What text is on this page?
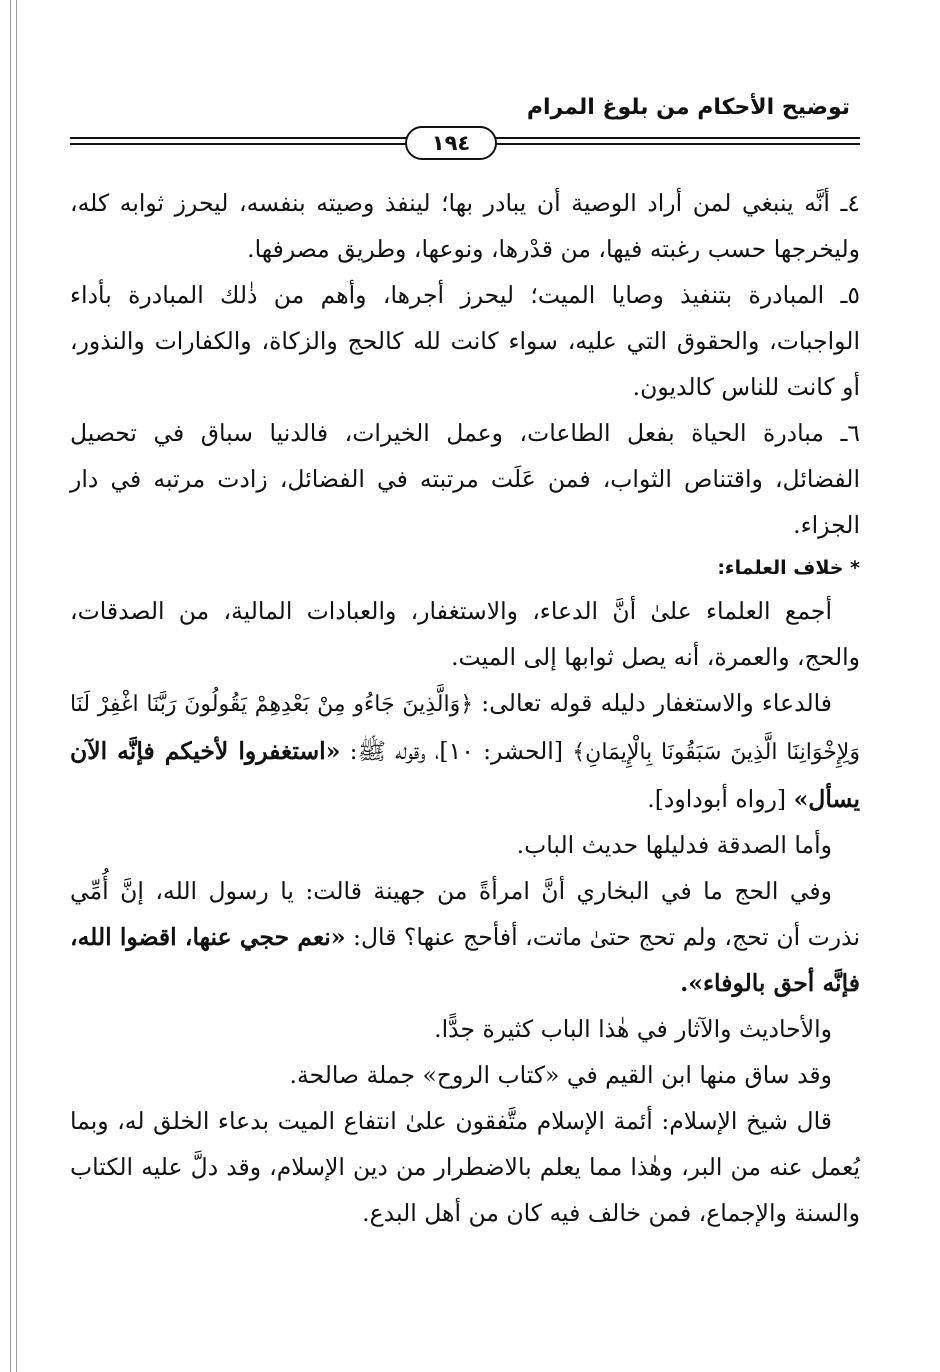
توضيح الأحكام من بلوغ المرام
١٩٤

٤ـ أنَّه ينبغي لمن أراد الوصية أن يبادر بها؛ لينفذ وصيته بنفسه، ليحرز ثوابه كله، وليخرجها حسب رغبته فيها، من قدْرها، ونوعها، وطريق مصرفها.

٥ـ المبادرة بتنفيذ وصايا الميت؛ ليحرز أجرها، وأهم من ذٰلك المبادرة بأداء الواجبات، والحقوق التي عليه، سواء كانت لله كالحج والزكاة، والكفارات والنذور، أو كانت للناس كالديون.

٦ـ مبادرة الحياة بفعل الطاعات، وعمل الخيرات، فالدنيا سباق في تحصيل الفضائل، واقتناص الثواب، فمن عَلَت مرتبته في الفضائل، زادت مرتبه في دار الجزاء.

* خلاف العلماء:

أجمع العلماء علىٰ أنَّ الدعاء، والاستغفار، والعبادات المالية، من الصدقات، والحج، والعمرة، أنه يصل ثوابها إلى الميت.

فالدعاء والاستغفار دليله قوله تعالى: ﴿وَالَّذِينَ جَاءُو مِنْ بَعْدِهِمْ يَقُولُونَ رَبَّنَا اغْفِرْ لَنَا وَلِإِخْوَانِنَا الَّذِينَ سَبَقُونَا بِالْإِيمَانِ﴾ [الحشر: ١٠]، وقوله ﷺ: «استغفروا لأخيكم فإنَّه الآن يسأل» [رواه أبوداود].

وأما الصدقة فدليلها حديث الباب.

وفي الحج ما في البخاري أنَّ امرأةً من جهينة قالت: يا رسول الله، إنَّ أُمِّي نذرت أن تحج، ولم تحج حتىٰ ماتت، أفأحج عنها؟ قال: «نعم حجي عنها، اقضوا الله، فإنَّه أحق بالوفاء».

والأحاديث والآثار في هٰذا الباب كثيرة جدًّا.

وقد ساق منها ابن القيم في «كتاب الروح» جملة صالحة.

قال شيخ الإسلام: أئمة الإسلام متَّفقون علىٰ انتفاع الميت بدعاء الخلق له، وبما يُعمل عنه من البر، وهٰذا مما يعلم بالاضطرار من دين الإسلام، وقد دلَّ عليه الكتاب والسنة والإجماع، فمن خالف فيه كان من أهل البدع.
